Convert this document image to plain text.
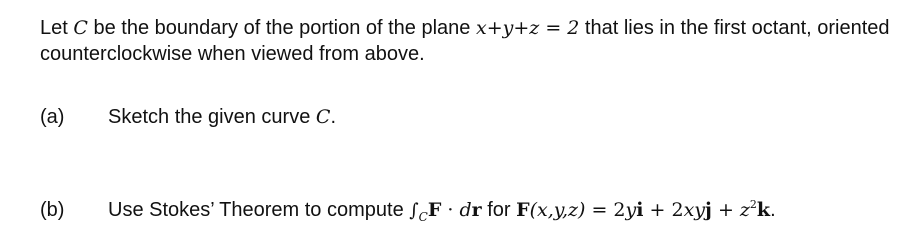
Let C be the boundary of the portion of the plane x+y+z = 2 that lies in the first octant, oriented counterclockwise when viewed from above.
(a) Sketch the given curve C.
(b) Use Stokes’ Theorem to compute $\int_CF$ · dr for $F(x,y,z) = 2yi + 2xyj + z^2k$.
